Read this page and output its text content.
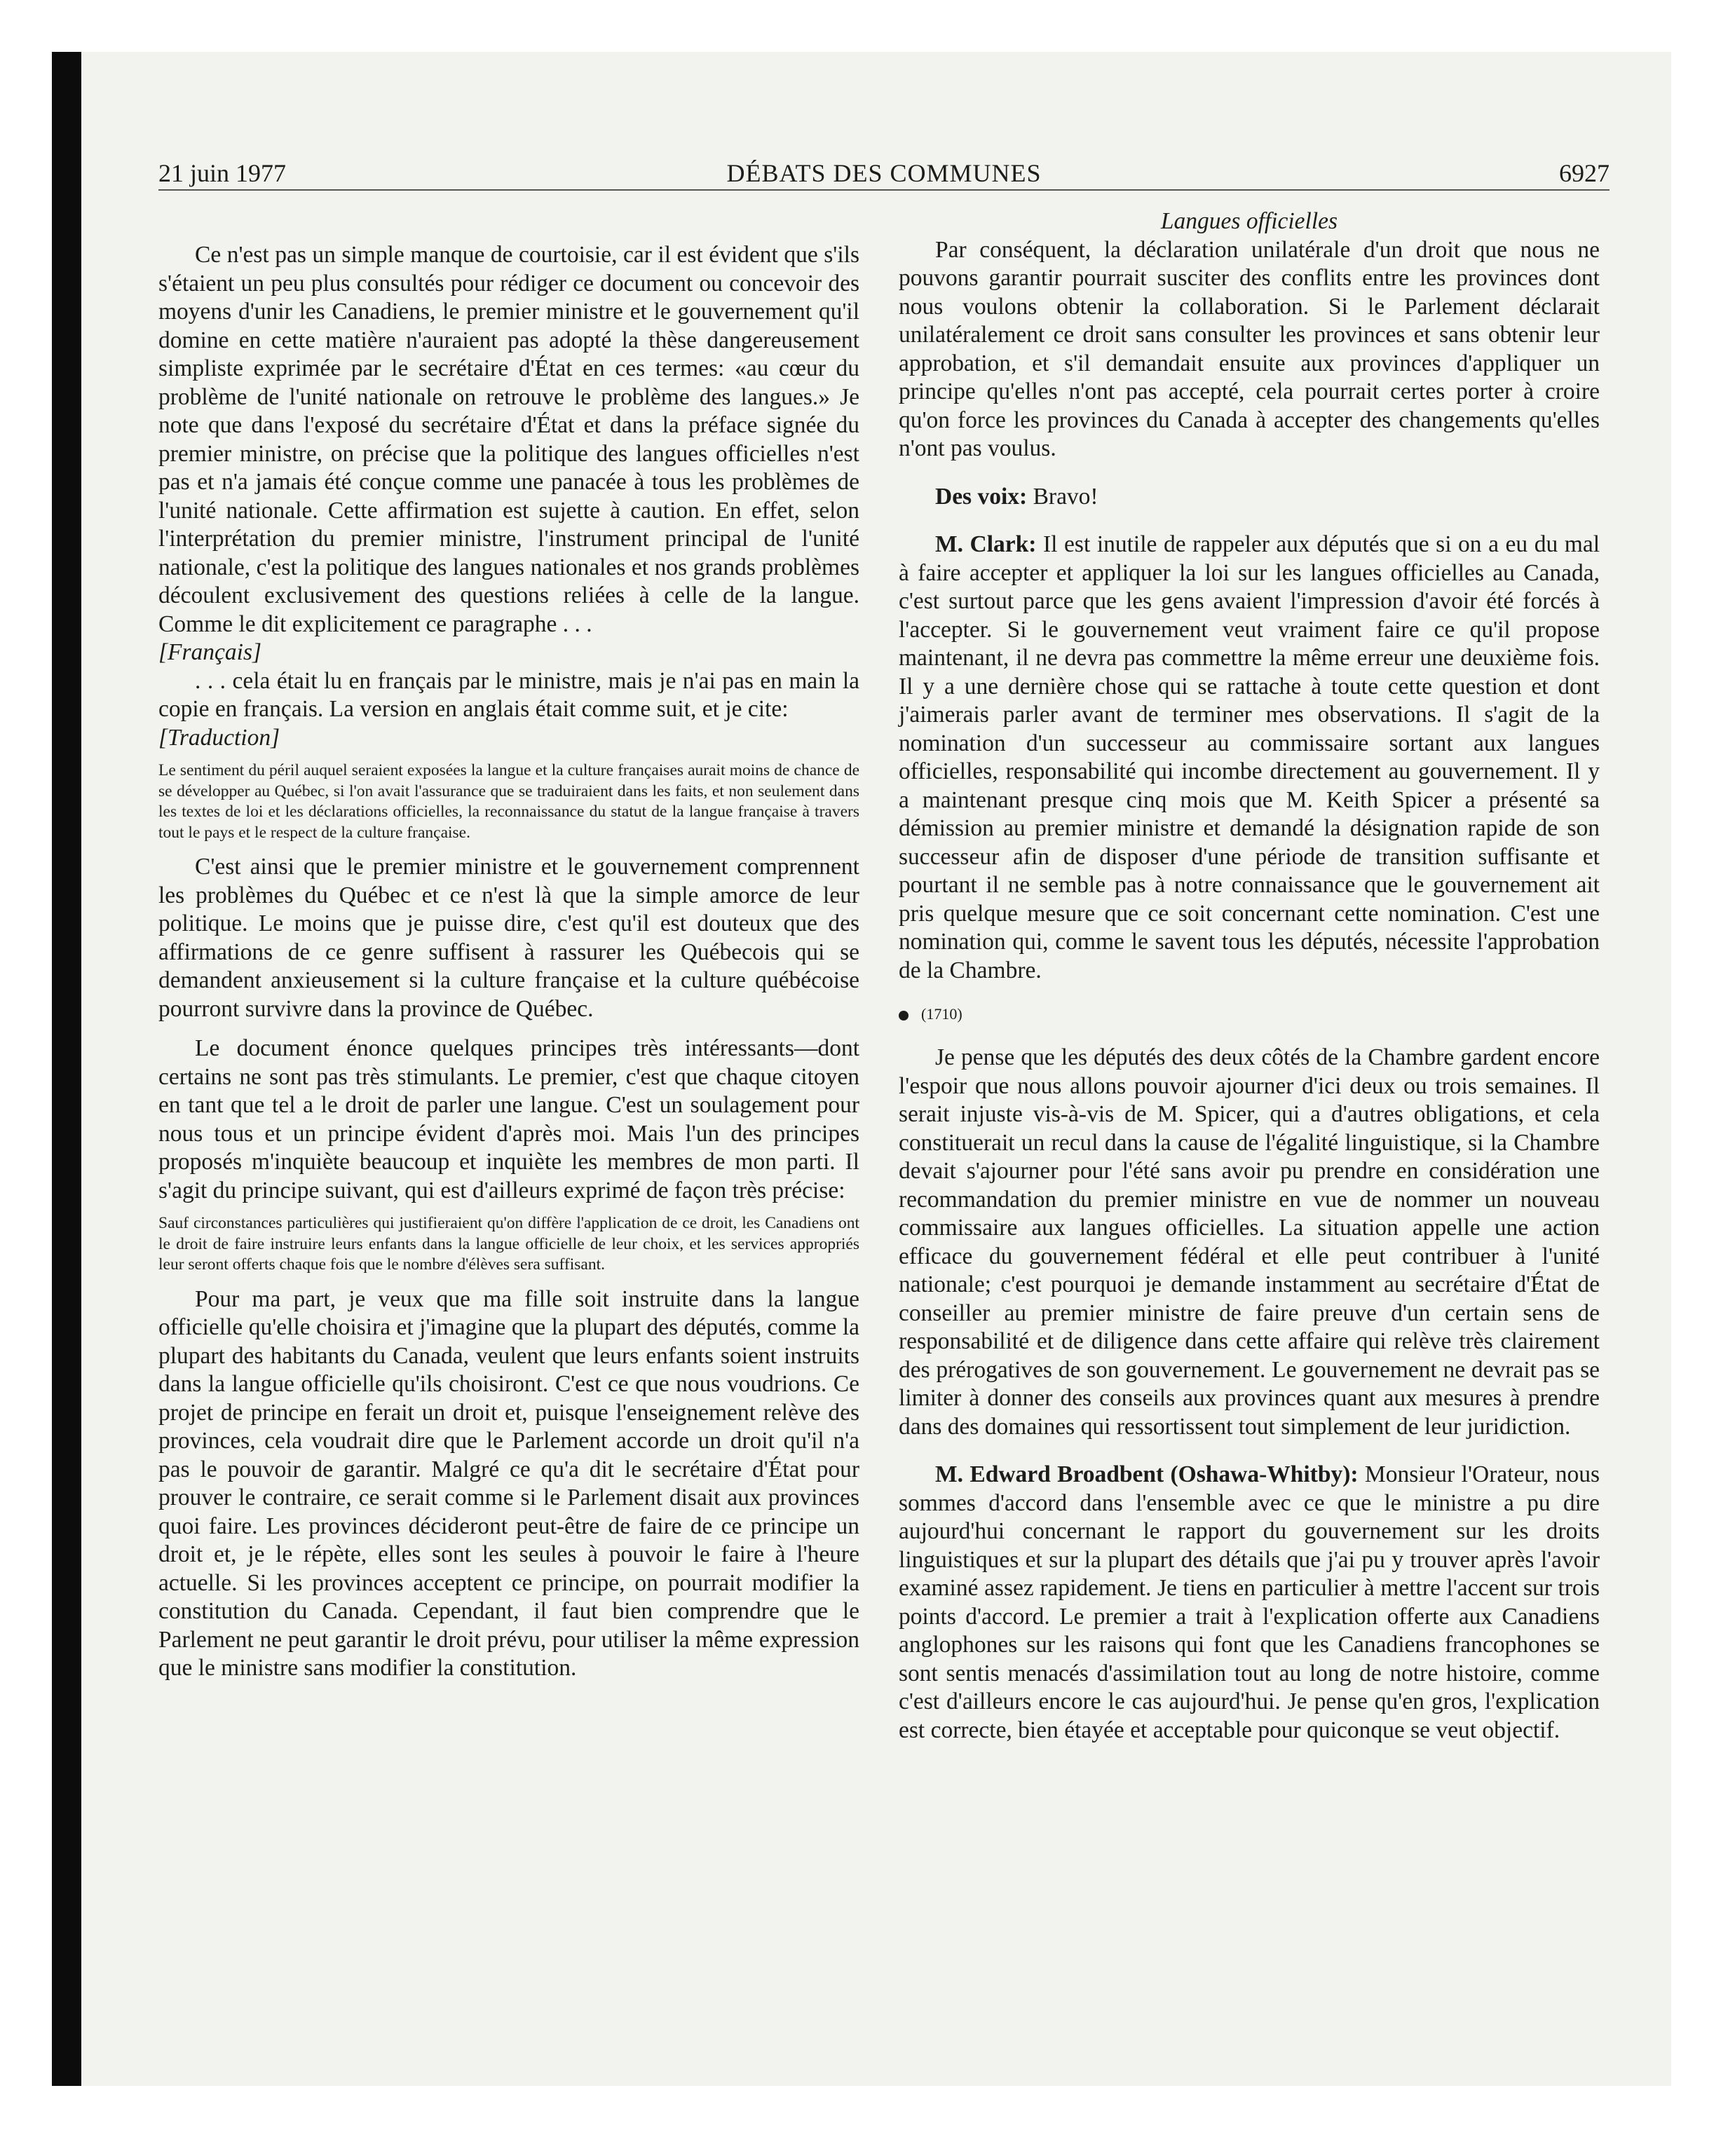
21 juin 1977	DÉBATS DES COMMUNES	6927

Ce n'est pas un simple manque de courtoisie, car il est évident que s'ils s'étaient un peu plus consultés pour rédiger ce document ou concevoir des moyens d'unir les Canadiens, le premier ministre et le gouvernement qu'il domine en cette matière n'auraient pas adopté la thèse dangereusement simpliste exprimée par le secrétaire d'État en ces termes: «au cœur du problème de l'unité nationale on retrouve le problème des langues.» Je note que dans l'exposé du secrétaire d'État et dans la préface signée du premier ministre, on précise que la politique des langues officielles n'est pas et n'a jamais été conçue comme une panacée à tous les problèmes de l'unité nationale. Cette affirmation est sujette à caution. En effet, selon l'interprétation du premier ministre, l'instrument principal de l'unité nationale, c'est la politique des langues nationales et nos grands problèmes découlent exclusivement des questions reliées à celle de la langue. Comme le dit explicitement ce paragraphe . . .

[Français]

. . . cela était lu en français par le ministre, mais je n'ai pas en main la copie en français. La version en anglais était comme suit, et je cite:

[Traduction]

Le sentiment du péril auquel seraient exposées la langue et la culture françaises aurait moins de chance de se développer au Québec, si l'on avait l'assurance que se traduiraient dans les faits, et non seulement dans les textes de loi et les déclarations officielles, la reconnaissance du statut de la langue française à travers tout le pays et le respect de la culture française.

C'est ainsi que le premier ministre et le gouvernement comprennent les problèmes du Québec et ce n'est là que la simple amorce de leur politique. Le moins que je puisse dire, c'est qu'il est douteux que des affirmations de ce genre suffisent à rassurer les Québecois qui se demandent anxieusement si la culture française et la culture québécoise pourront survivre dans la province de Québec.

Le document énonce quelques principes très intéressants—dont certains ne sont pas très stimulants. Le premier, c'est que chaque citoyen en tant que tel a le droit de parler une langue. C'est un soulagement pour nous tous et un principe évident d'après moi. Mais l'un des principes proposés m'inquiète beaucoup et inquiète les membres de mon parti. Il s'agit du principe suivant, qui est d'ailleurs exprimé de façon très précise:

Sauf circonstances particulières qui justifieraient qu'on diffère l'application de ce droit, les Canadiens ont le droit de faire instruire leurs enfants dans la langue officielle de leur choix, et les services appropriés leur seront offerts chaque fois que le nombre d'élèves sera suffisant.

Pour ma part, je veux que ma fille soit instruite dans la langue officielle qu'elle choisira et j'imagine que la plupart des députés, comme la plupart des habitants du Canada, veulent que leurs enfants soient instruits dans la langue officielle qu'ils choisiront. C'est ce que nous voudrions. Ce projet de principe en ferait un droit et, puisque l'enseignement relève des provinces, cela voudrait dire que le Parlement accorde un droit qu'il n'a pas le pouvoir de garantir. Malgré ce qu'a dit le secrétaire d'État pour prouver le contraire, ce serait comme si le Parlement disait aux provinces quoi faire. Les provinces décideront peut-être de faire de ce principe un droit et, je le répète, elles sont les seules à pouvoir le faire à l'heure actuelle. Si les provinces acceptent ce principe, on pourrait modifier la constitution du Canada. Cependant, il faut bien comprendre que le Parlement ne peut garantir le droit prévu, pour utiliser la même expression que le ministre sans modifier la constitution.

Langues officielles

Par conséquent, la déclaration unilatérale d'un droit que nous ne pouvons garantir pourrait susciter des conflits entre les provinces dont nous voulons obtenir la collaboration. Si le Parlement déclarait unilatéralement ce droit sans consulter les provinces et sans obtenir leur approbation, et s'il demandait ensuite aux provinces d'appliquer un principe qu'elles n'ont pas accepté, cela pourrait certes porter à croire qu'on force les provinces du Canada à accepter des changements qu'elles n'ont pas voulus.

Des voix: Bravo!

M. Clark: Il est inutile de rappeler aux députés que si on a eu du mal à faire accepter et appliquer la loi sur les langues officielles au Canada, c'est surtout parce que les gens avaient l'impression d'avoir été forcés à l'accepter. Si le gouvernement veut vraiment faire ce qu'il propose maintenant, il ne devra pas commettre la même erreur une deuxième fois. Il y a une dernière chose qui se rattache à toute cette question et dont j'aimerais parler avant de terminer mes observations. Il s'agit de la nomination d'un successeur au commissaire sortant aux langues officielles, responsabilité qui incombe directement au gouvernement. Il y a maintenant presque cinq mois que M. Keith Spicer a présenté sa démission au premier ministre et demandé la désignation rapide de son successeur afin de disposer d'une période de transition suffisante et pourtant il ne semble pas à notre connaissance que le gouvernement ait pris quelque mesure que ce soit concernant cette nomination. C'est une nomination qui, comme le savent tous les députés, nécessite l'approbation de la Chambre.

(1710)

Je pense que les députés des deux côtés de la Chambre gardent encore l'espoir que nous allons pouvoir ajourner d'ici deux ou trois semaines. Il serait injuste vis-à-vis de M. Spicer, qui a d'autres obligations, et cela constituerait un recul dans la cause de l'égalité linguistique, si la Chambre devait s'ajourner pour l'été sans avoir pu prendre en considération une recommandation du premier ministre en vue de nommer un nouveau commissaire aux langues officielles. La situation appelle une action efficace du gouvernement fédéral et elle peut contribuer à l'unité nationale; c'est pourquoi je demande instamment au secrétaire d'État de conseiller au premier ministre de faire preuve d'un certain sens de responsabilité et de diligence dans cette affaire qui relève très clairement des prérogatives de son gouvernement. Le gouvernement ne devrait pas se limiter à donner des conseils aux provinces quant aux mesures à prendre dans des domaines qui ressortissent tout simplement de leur juridiction.

M. Edward Broadbent (Oshawa-Whitby): Monsieur l'Orateur, nous sommes d'accord dans l'ensemble avec ce que le ministre a pu dire aujourd'hui concernant le rapport du gouvernement sur les droits linguistiques et sur la plupart des détails que j'ai pu y trouver après l'avoir examiné assez rapidement. Je tiens en particulier à mettre l'accent sur trois points d'accord. Le premier a trait à l'explication offerte aux Canadiens anglophones sur les raisons qui font que les Canadiens francophones se sont sentis menacés d'assimilation tout au long de notre histoire, comme c'est d'ailleurs encore le cas aujourd'hui. Je pense qu'en gros, l'explication est correcte, bien étayée et acceptable pour quiconque se veut objectif.
